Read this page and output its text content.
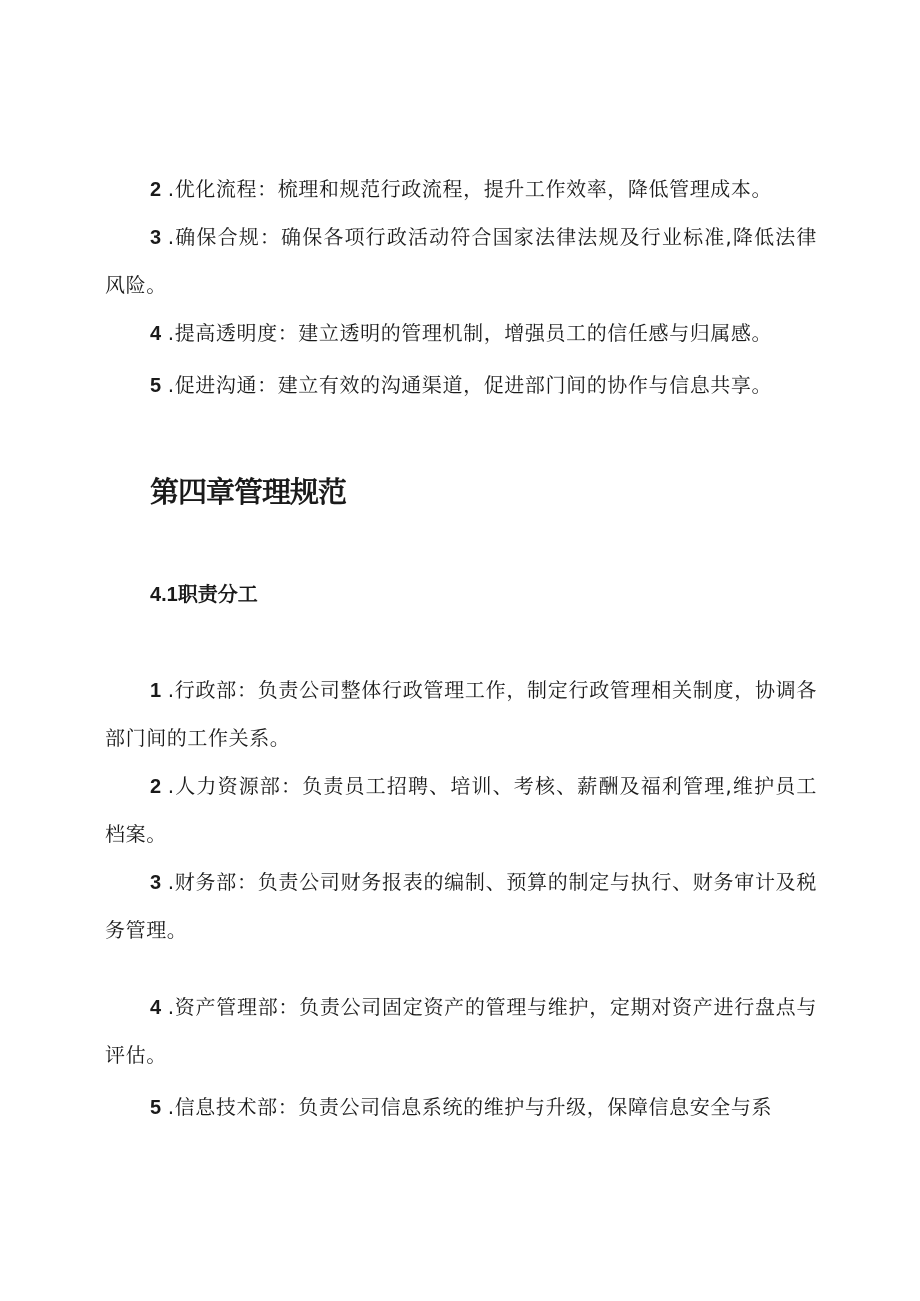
2 .优化流程：梳理和规范行政流程，提升工作效率，降低管理成本。

3 .确保合规：确保各项行政活动符合国家法律法规及行业标准,降低法律风险。

4 .提高透明度：建立透明的管理机制，增强员工的信任感与归属感。

5 .促进沟通：建立有效的沟通渠道，促进部门间的协作与信息共享。

第四章管理规范
4.1职责分工

1 .行政部：负责公司整体行政管理工作，制定行政管理相关制度，协调各部门间的工作关系。

2 .人力资源部：负责员工招聘、培训、考核、薪酬及福利管理,维护员工档案。

3 .财务部：负责公司财务报表的编制、预算的制定与执行、财务审计及税务管理。

4 .资产管理部：负责公司固定资产的管理与维护，定期对资产进行盘点与评估。

5 .信息技术部：负责公司信息系统的维护与升级，保障信息安全与系
